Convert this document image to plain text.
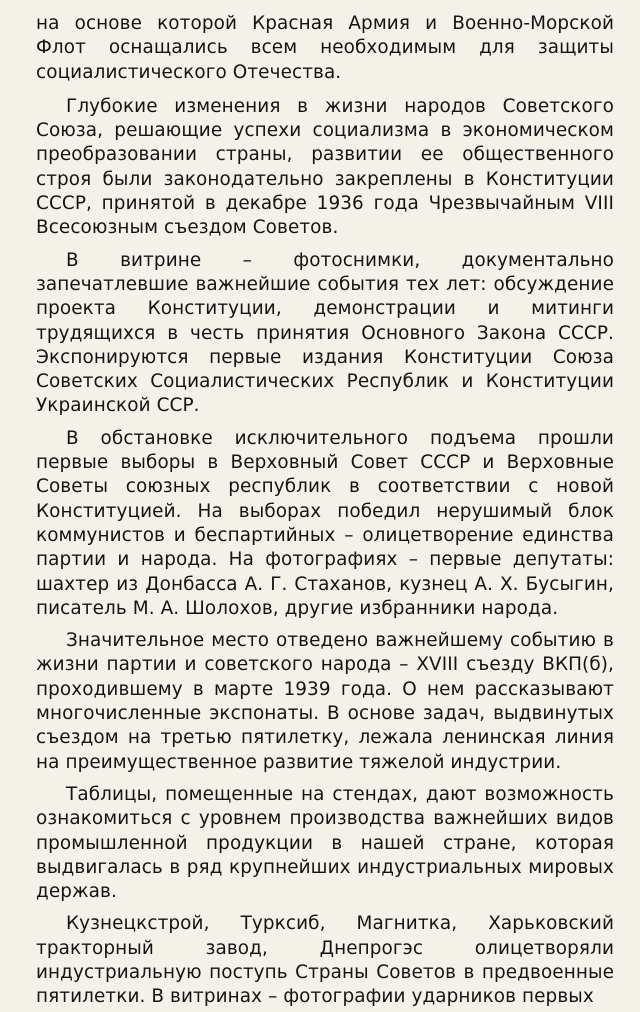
на основе которой Красная Армия и Военно-Морской Флот оснащались всем необходимым для защиты социалистического Отечества.

Глубокие изменения в жизни народов Советского Союза, решающие успехи социализма в экономическом преобразовании страны, развитии ее общественного строя были законодательно закреплены в Конституции СССР, принятой в декабре 1936 года Чрезвычайным VIII Всесоюзным съездом Советов.

В витрине – фотоснимки, документально запечатлевшие важнейшие события тех лет: обсуждение проекта Конституции, демонстрации и митинги трудящихся в честь принятия Основного Закона СССР. Экспонируются первые издания Конституции Союза Советских Социалистических Республик и Конституции Украинской ССР.

В обстановке исключительного подъема прошли первые выборы в Верховный Совет СССР и Верховные Советы союзных республик в соответствии с новой Конституцией. На выборах победил нерушимый блок коммунистов и беспартийных – олицетворение единства партии и народа. На фотографиях – первые депутаты: шахтер из Донбасса А. Г. Стаханов, кузнец А. Х. Бусыгин, писатель М. А. Шолохов, другие избранники народа.

Значительное место отведено важнейшему событию в жизни партии и советского народа – XVIII съезду ВКП(б), проходившему в марте 1939 года. О нем рассказывают многочисленные экспонаты. В основе задач, выдвинутых съездом на третью пятилетку, лежала ленинская линия на преимущественное развитие тяжелой индустрии.

Таблицы, помещенные на стендах, дают возможность ознакомиться с уровнем производства важнейших видов промышленной продукции в нашей стране, которая выдвигалась в ряд крупнейших индустриальных мировых держав.

Кузнецкстрой, Турксиб, Магнитка, Харьковский тракторный завод, Днепрогэс олицетворяли индустриальную поступь Страны Советов в предвоенные пятилетки. В витринах – фотографии ударников первых
